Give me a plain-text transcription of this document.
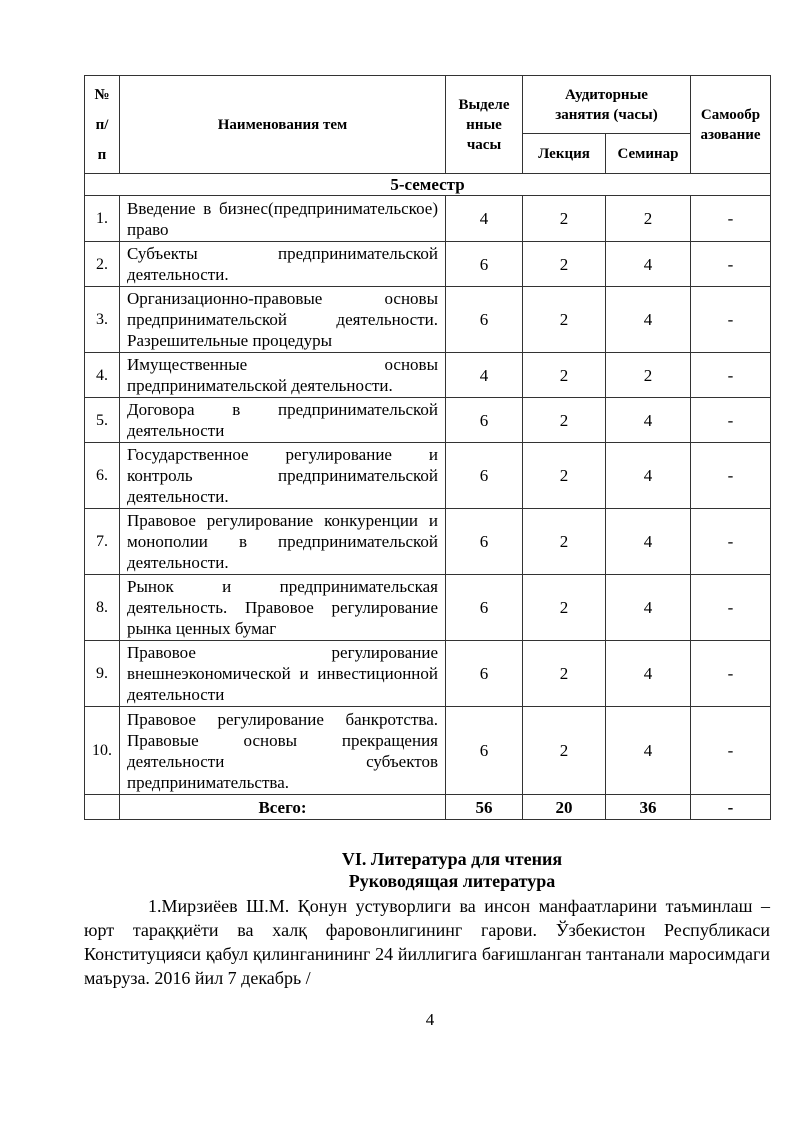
№
п/
п	Наименования тем	Выделе
нные
часы	Аудиторные
занятия (часы)		Самообр
азование
			Лекция	Семинар	
5-семестр					
1.	Введение в бизнес(предпринимательское) право	4	2	2	-
2.	Субъекты предпринимательской деятельности.	6	2	4	-
3.	Организационно-правовые основы предпринимательской деятельности. Разрешительные процедуры	6	2	4	-
4.	Имущественные основы предпринимательской деятельности.	4	2	2	-
5.	Договора в предпринимательской деятельности	6	2	4	-
6.	Государственное регулирование и контроль предпринимательской деятельности.	6	2	4	-
7.	Правовое регулирование конкуренции и монополии в предпринимательской деятельности.	6	2	4	-
8.	Рынок и предпринимательская деятельность. Правовое регулирование рынка ценных бумаг	6	2	4	-
9.	Правовое регулирование внешнеэкономической и инвестиционной деятельности	6	2	4	-
10.	Правовое регулирование банкротства. Правовые основы прекращения деятельности субъектов предпринимательства.	6	2	4	-
	Всего:	56	20	36	-
VI. Литература для чтения
Руководящая литература
1.Мирзиёев Ш.М. Қонун устуворлиги ва инсон манфаатларини таъминлаш – юрт тараққиёти ва халқ фаровонлигининг гарови. Ўзбекистон Республикаси Конституцияси қабул қилинганининг 24 йиллигига бағишланган тантанали маросимдаги маъруза. 2016 йил 7 декабрь /
4
